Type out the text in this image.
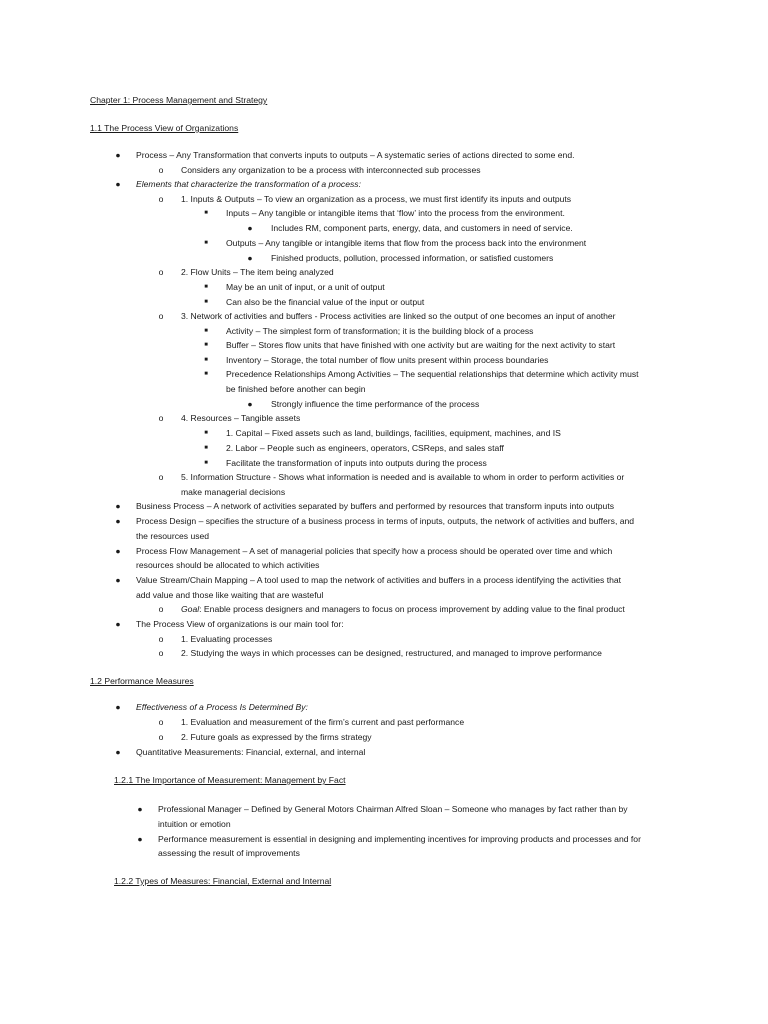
Chapter 1: Process Management and Strategy
1.1 The Process View of Organizations
●	Process – Any Transformation that converts inputs to outputs – A systematic series of actions directed to some end.
o	Considers any organization to be a process with interconnected sub processes
●	Elements that characterize the transformation of a process:
o	1. Inputs & Outputs – To view an organization as a process, we must first identify its inputs and outputs
■	Inputs – Any tangible or intangible items that ‘flow’ into the process from the environment.
●	Includes RM, component parts, energy, data, and customers in need of service.
■	Outputs – Any tangible or intangible items that flow from the process back into the environment
●	Finished products, pollution, processed information, or satisfied customers
o	2. Flow Units – The item being analyzed
■	May be an unit of input, or a unit of output
■	Can also be the financial value of the input or output
o	3. Network of activities and buffers - Process activities are linked so the output of one becomes an input of another
■	Activity – The simplest form of transformation; it is the building block of a process
■	Buffer – Stores flow units that have finished with one activity but are waiting for the next activity to start
■	Inventory – Storage, the total number of flow units present within process boundaries
■	Precedence Relationships Among Activities – The sequential relationships that determine which activity must
be finished before another can begin
●	Strongly influence the time performance of the process
o	4. Resources – Tangible assets
■	1. Capital – Fixed assets such as land, buildings, facilities, equipment, machines, and IS
■	2. Labor – People such as engineers, operators, CSReps, and sales staff
■	Facilitate the transformation of inputs into outputs during the process
o	5. Information Structure - Shows what information is needed and is available to whom in order to perform activities or
make managerial decisions
●	Business Process – A network of activities separated by buffers and performed by resources that transform inputs into outputs
●	Process Design – specifies the structure of a business process in terms of inputs, outputs, the network of activities and buffers, and
the resources used
●	Process Flow Management – A set of managerial policies that specify how a process should be operated over time and which
resources should be allocated to which activities
●	Value Stream/Chain Mapping – A tool used to map the network of activities and buffers in a process identifying the activities that
add value and those like waiting that are wasteful
o	Goal: Enable process designers and managers to focus on process improvement by adding value to the final product
●	The Process View of organizations is our main tool for:
o	1. Evaluating processes
o	2. Studying the ways in which processes can be designed, restructured, and managed to improve performance
1.2 Performance Measures
●	Effectiveness of a Process Is Determined By:
o	1. Evaluation and measurement of the firm’s current and past performance
o	2. Future goals as expressed by the firms strategy
●	Quantitative Measurements: Financial, external, and internal
1.2.1 The Importance of Measurement: Management by Fact
●	Professional Manager – Defined by General Motors Chairman Alfred Sloan – Someone who manages by fact rather than by
intuition or emotion
●	Performance measurement is essential in designing and implementing incentives for improving products and processes and for
assessing the result of improvements
1.2.2 Types of Measures: Financial, External and Internal
